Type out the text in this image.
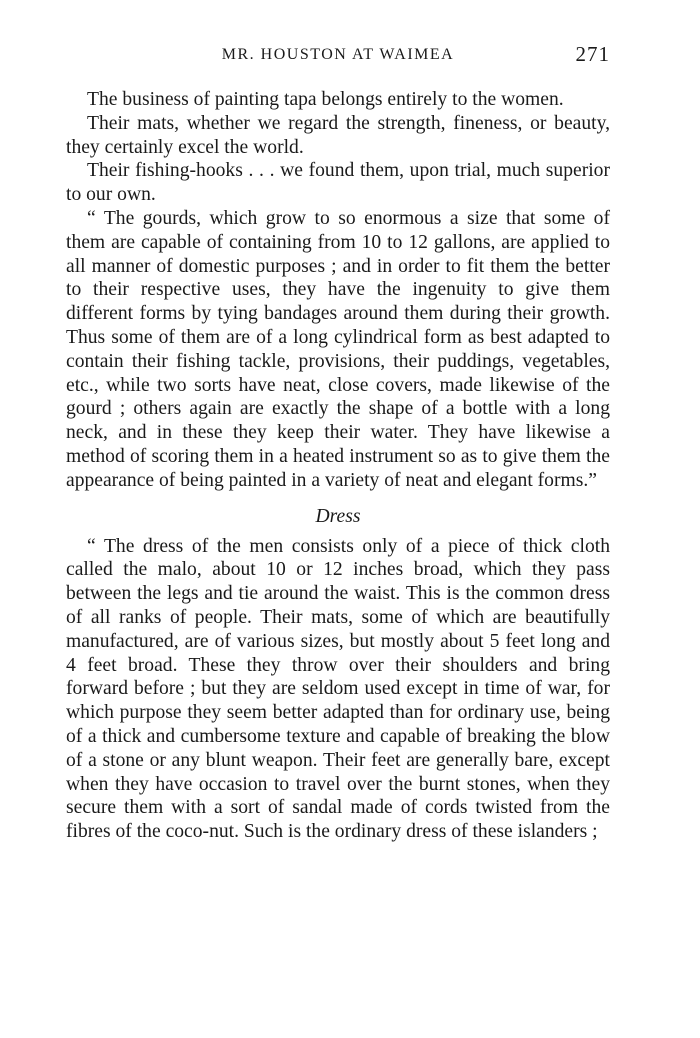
MR. HOUSTON AT WAIMEA	271

The business of painting tapa belongs entirely to the women.

Their mats, whether we regard the strength, fineness, or beauty, they certainly excel the world.

Their fishing-hooks . . . we found them, upon trial, much superior to our own.

“ The gourds, which grow to so enormous a size that some of them are capable of containing from 10 to 12 gallons, are applied to all manner of domestic purposes ; and in order to fit them the better to their respective uses, they have the ingenuity to give them different forms by tying bandages around them during their growth. Thus some of them are of a long cylindrical form as best adapted to contain their fishing tackle, provisions, their puddings, vegetables, etc., while two sorts have neat, close covers, made likewise of the gourd ; others again are exactly the shape of a bottle with a long neck, and in these they keep their water. They have likewise a method of scoring them in a heated instrument so as to give them the appearance of being painted in a variety of neat and elegant forms.”

Dress

“ The dress of the men consists only of a piece of thick cloth called the malo, about 10 or 12 inches broad, which they pass between the legs and tie around the waist. This is the common dress of all ranks of people. Their mats, some of which are beautifully manufactured, are of various sizes, but mostly about 5 feet long and 4 feet broad. These they throw over their shoulders and bring forward before ; but they are seldom used except in time of war, for which purpose they seem better adapted than for ordinary use, being of a thick and cumbersome texture and capable of breaking the blow of a stone or any blunt weapon. Their feet are generally bare, except when they have occasion to travel over the burnt stones, when they secure them with a sort of sandal made of cords twisted from the fibres of the coco-nut. Such is the ordinary dress of these islanders ;
